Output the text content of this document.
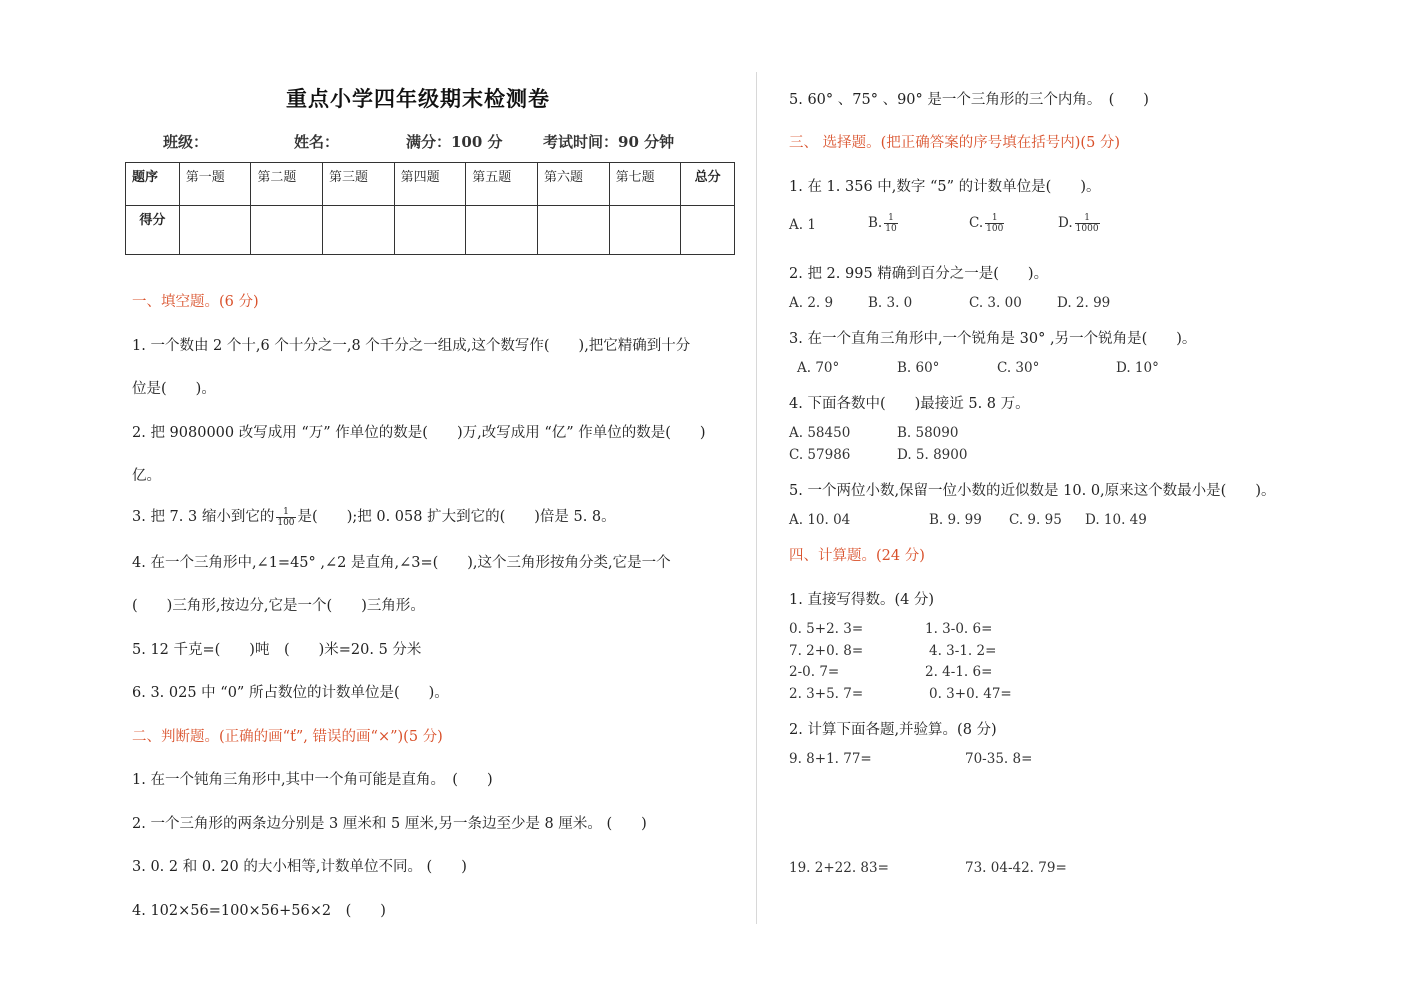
重点小学四年级期末检测卷
班级：	姓名：	满分：100 分	考试时间：90 分钟
题序	第一题	第二题	第三题	第四题	第五题	第六题	第七题	总分
得分								
一、填空题。(6 分)
1. 一个数由 2 个十,6 个十分之一,8 个千分之一组成,这个数写作(　　),把它精确到十分
位是(　　)。
2. 把 9080000 改写成用 “万” 作单位的数是(　　)万,改写成用 “亿” 作单位的数是(　　)
亿。
3. 把 7. 3 缩小到它的 $\frac{1}{100}$ 是(　　);把 0. 058 扩大到它的(　　)倍是 5. 8。
4. 在一个三角形中,∠1=45° ,∠2 是直角,∠3=(　　),这个三角形按角分类,它是一个
(　　)三角形,按边分,它是一个(　　)三角形。
5. 12 千克=(　　)吨　(　　)米=20. 5 分米
6. 3. 025 中 “0” 所占数位的计数单位是(　　)。
二、判断题。(正确的画“ť”, 错误的画“×”)(5 分)
1. 在一个钝角三角形中,其中一个角可能是直角。　(　　)
2. 一个三角形的两条边分别是 3 厘米和 5 厘米,另一条边至少是 8 厘米。 (　　)
3. 0. 2 和 0. 20 的大小相等,计数单位不同。 (　　)
4. 102×56=100×56+56×2　(　　)
5. 60° 、75° 、90° 是一个三角形的三个内角。　(　　)
三、 选择题。(把正确答案的序号填在括号内)(5 分)
1. 在 1. 356 中,数字 “5” 的计数单位是(　　)。
A. 1	B. $\frac{1}{10}$	C. $\frac{1}{100}$	D. $\frac{1}{1000}$
2. 把 2. 995 精确到百分之一是(　　)。
A. 2. 9	B. 3. 0	C. 3. 00	D. 2. 99
3. 在一个直角三角形中,一个锐角是 30° ,另一个锐角是(　　)。
A. 70°	B. 60°	C. 30°	D. 10°
4. 下面各数中(　　)最接近 5. 8 万。
A. 58450	B. 58090
C. 57986	D. 5. 8900
5. 一个两位小数,保留一位小数的近似数是 10. 0,原来这个数最小是(　　)。
A. 10. 04	B. 9. 99 C. 9. 95 D. 10. 49
四、计算题。(24 分)
1. 直接写得数。(4 分)
0. 5+2. 3=	1. 3-0. 6=
7. 2+0. 8=	4. 3-1. 2=
2-0. 7=	2. 4-1. 6=
2. 3+5. 7=	0. 3+0. 47=
2. 计算下面各题,并验算。(8 分)
9. 8+1. 77=	70-35. 8=
19. 2+22. 83=	73. 04-42. 79=
